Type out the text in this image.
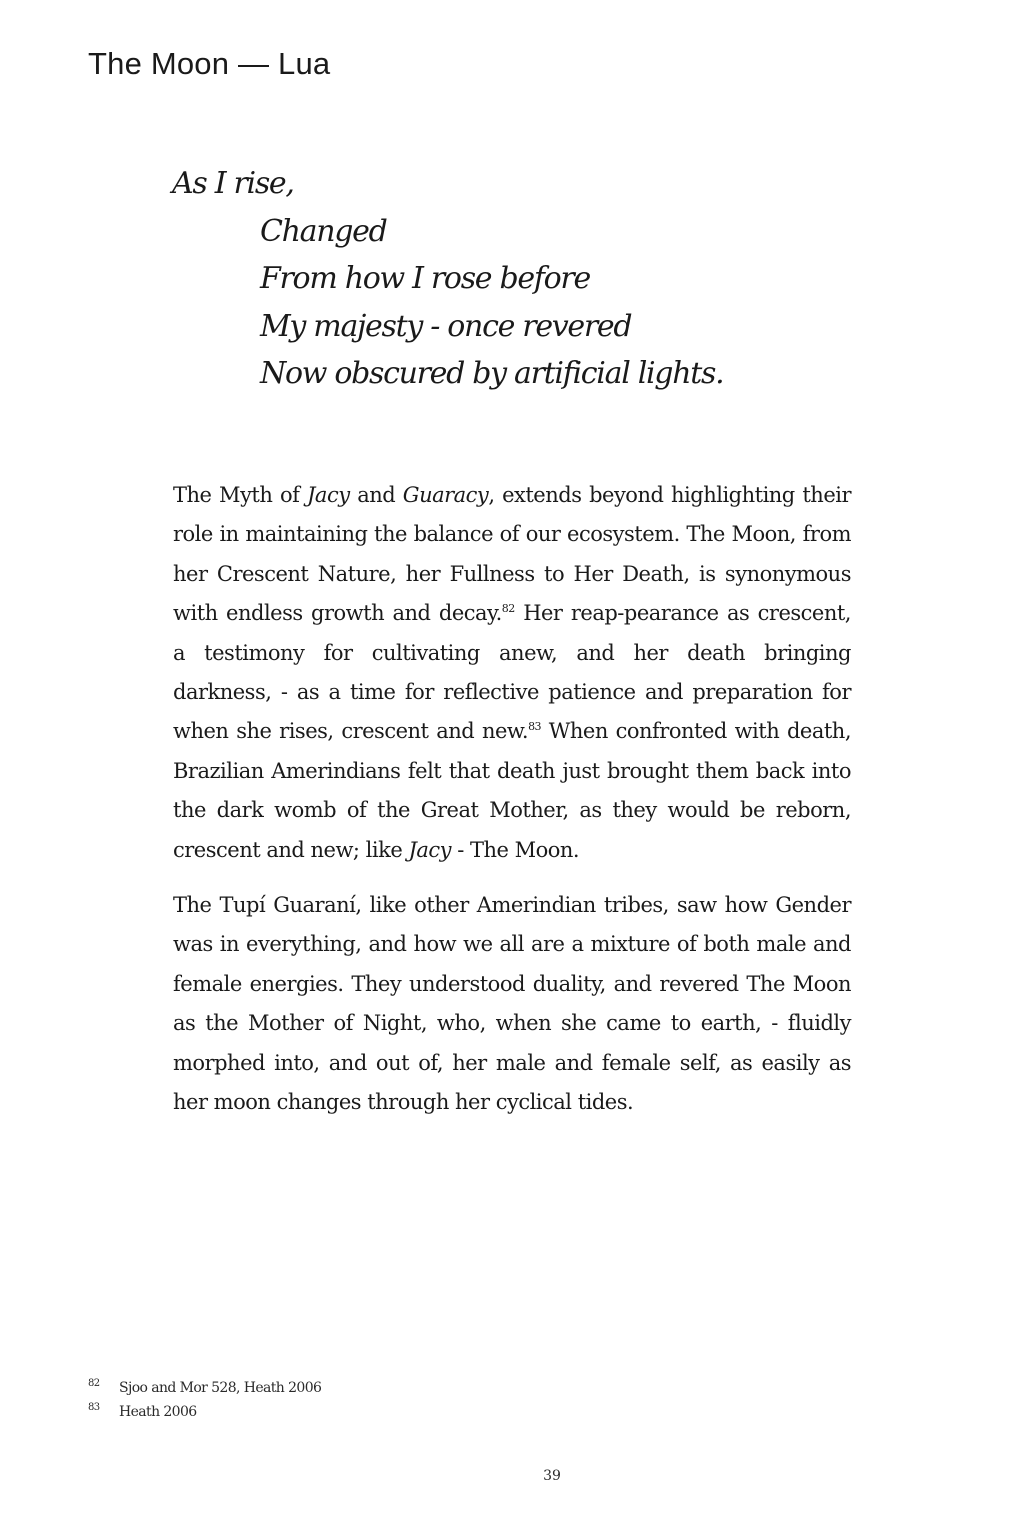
The Moon — Lua
As I rise,
Changed
From how I rose before
My majesty - once revered
Now obscured by artificial lights.

The Myth of Jacy and Guaracy, extends beyond highlighting their role in maintaining the balance of our ecosystem. The Moon, from her Crescent Nature, her Fullness to Her Death, is synonymous with endless growth and decay.$^{82}$ Her reap-pearance as crescent, a testimony for cultivating anew, and her death bringing darkness, - as a time for reflective patience and preparation for when she rises, crescent and new.$^{83}$ When confronted with death, Brazilian Amerindians felt that death just brought them back into the dark womb of the Great Mother, as they would be reborn, crescent and new; like Jacy - The Moon.

The Tupí Guaraní, like other Amerindian tribes, saw how Gender was in everything, and how we all are a mixture of both male and female energies. They understood duality, and revered The Moon as the Mother of Night, who, when she came to earth, - fluidly morphed into, and out of, her male and female self, as easily as her moon changes through her cyclical tides.

82	Sjoo and Mor 528, Heath 2006
83	Heath 2006
39
